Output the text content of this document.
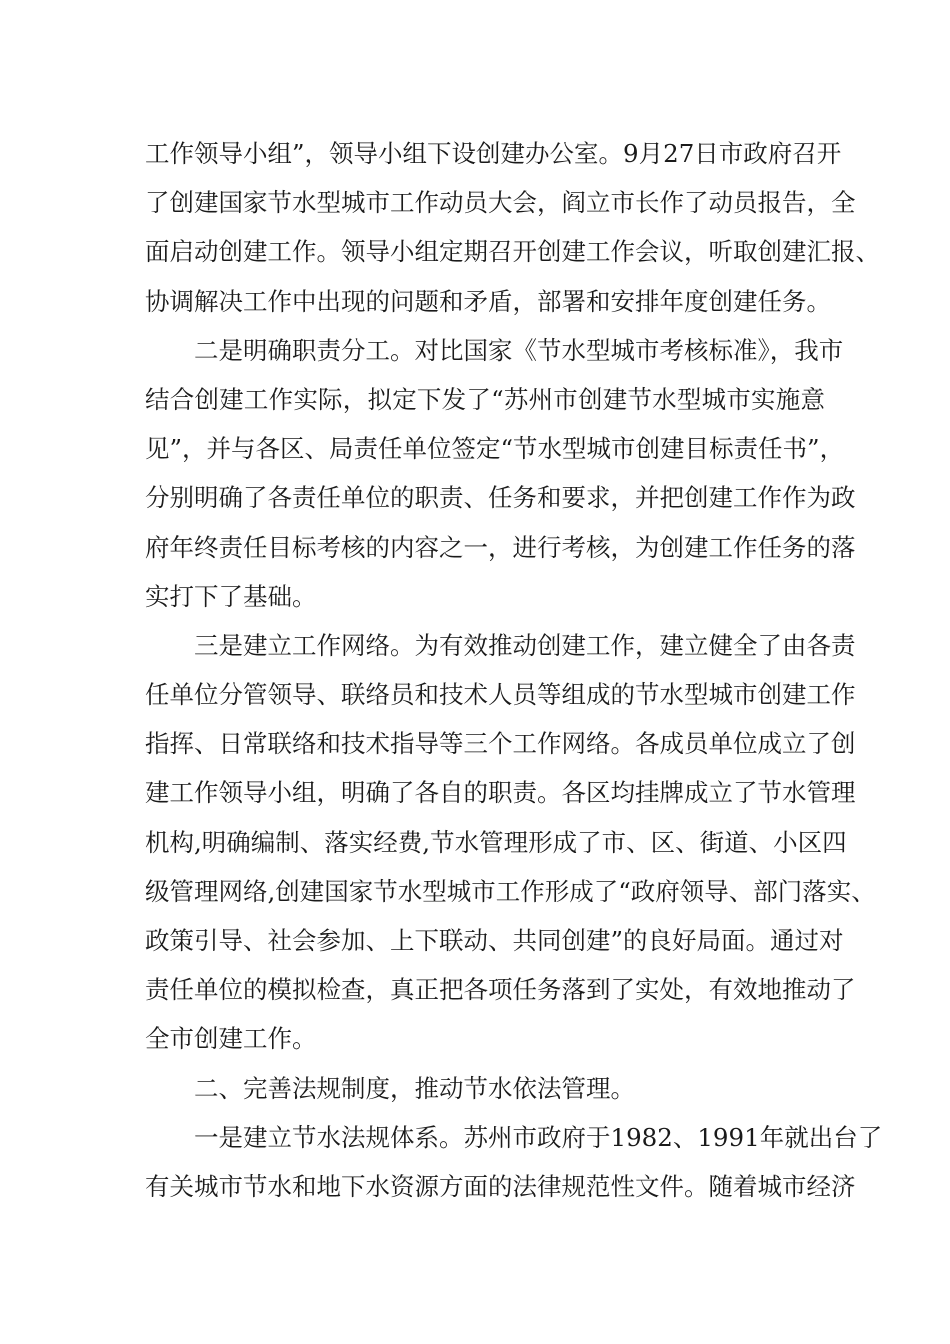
工作领导小组”，领导小组下设创建办公室。9月27日市政府召开
了创建国家节水型城市工作动员大会，阎立市长作了动员报告，全
面启动创建工作。领导小组定期召开创建工作会议，听取创建汇报、
协调解决工作中出现的问题和矛盾，部署和安排年度创建任务。
二是明确职责分工。对比国家《节水型城市考核标准》，我市
结合创建工作实际，拟定下发了“苏州市创建节水型城市实施意
见”，并与各区、局责任单位签定“节水型城市创建目标责任书”，
分别明确了各责任单位的职责、任务和要求，并把创建工作作为政
府年终责任目标考核的内容之一，进行考核，为创建工作任务的落
实打下了基础。
三是建立工作网络。为有效推动创建工作，建立健全了由各责
任单位分管领导、联络员和技术人员等组成的节水型城市创建工作
指挥、日常联络和技术指导等三个工作网络。各成员单位成立了创
建工作领导小组，明确了各自的职责。各区均挂牌成立了节水管理
机构,明确编制、落实经费,节水管理形成了市、区、街道、小区四
级管理网络,创建国家节水型城市工作形成了“政府领导、部门落实、
政策引导、社会参加、上下联动、共同创建”的良好局面。通过对
责任单位的模拟检查，真正把各项任务落到了实处，有效地推动了
全市创建工作。
二、完善法规制度，推动节水依法管理。
一是建立节水法规体系。苏州市政府于1982、1991年就出台了
有关城市节水和地下水资源方面的法律规范性文件。随着城市经济
